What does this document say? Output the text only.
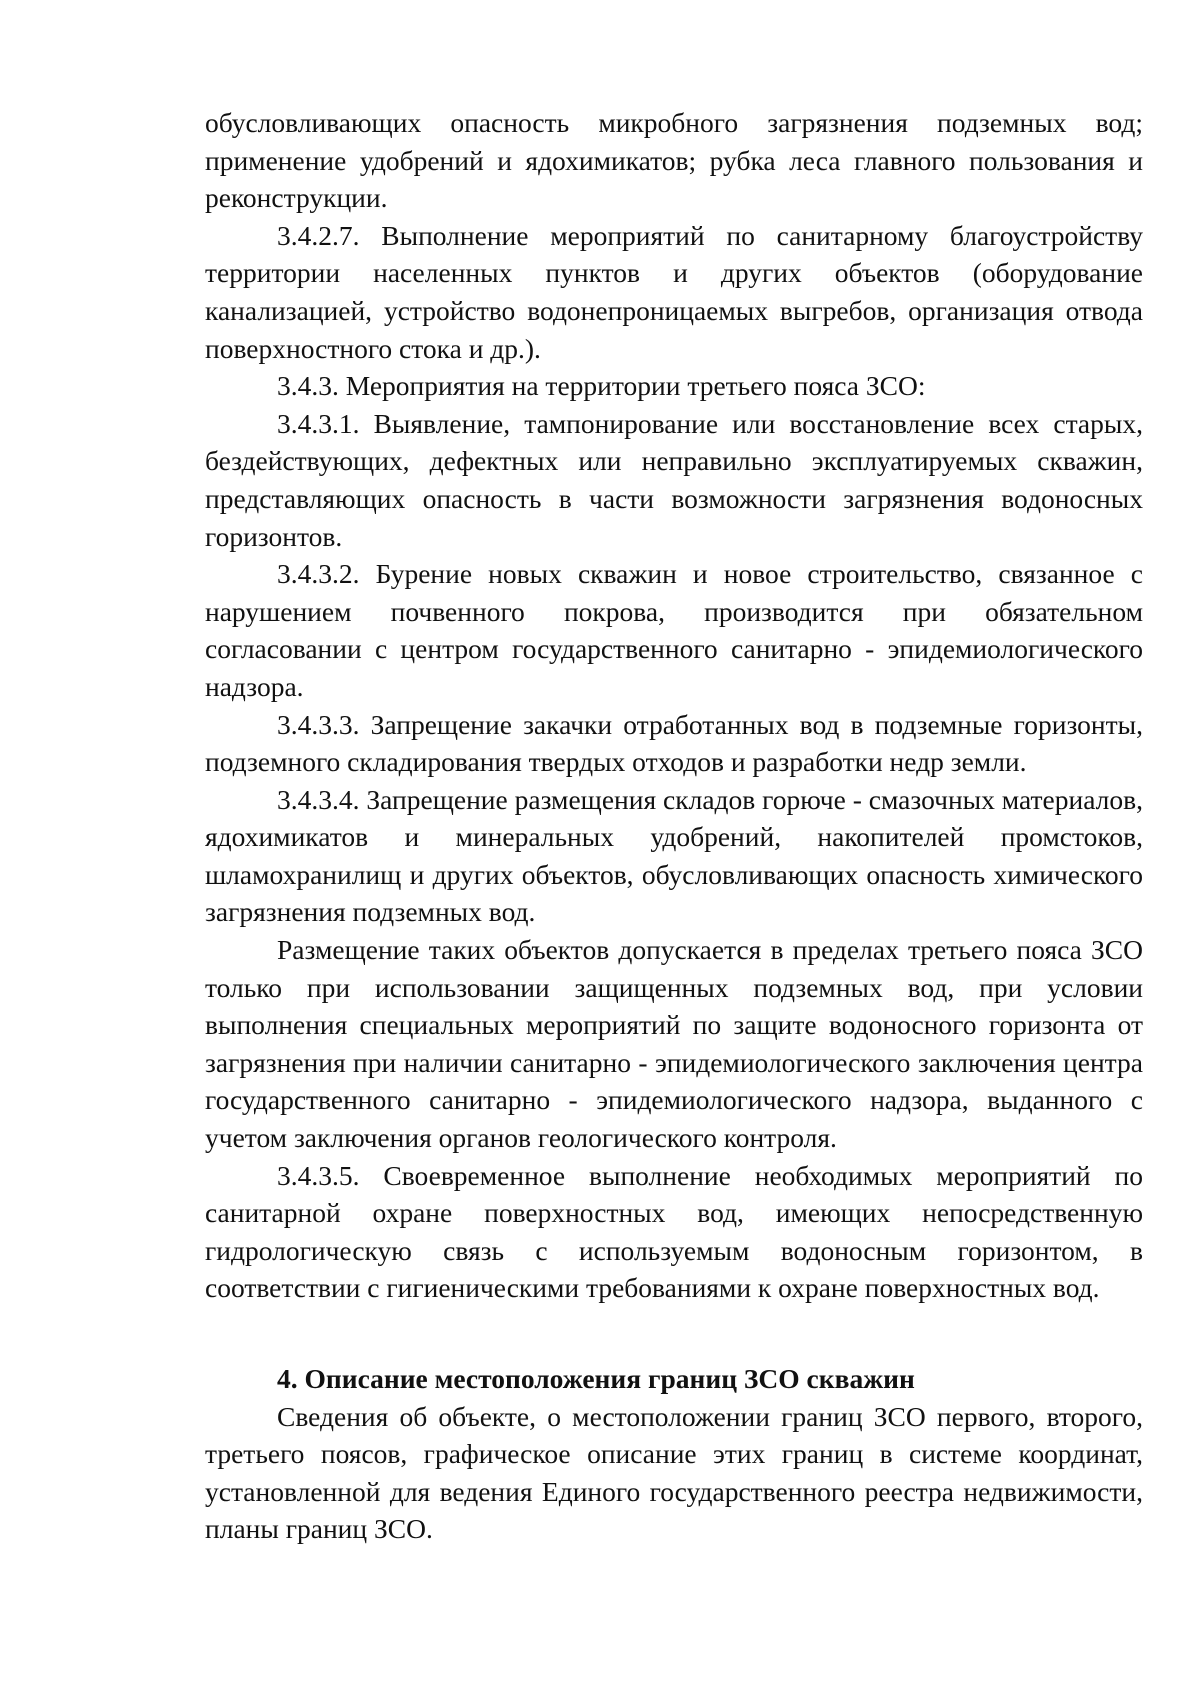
обусловливающих опасность микробного загрязнения подземных вод; применение удобрений и ядохимикатов; рубка леса главного пользования и реконструкции.

3.4.2.7. Выполнение мероприятий по санитарному благоустройству территории населенных пунктов и других объектов (оборудование канализацией, устройство водонепроницаемых выгребов, организация отвода поверхностного стока и др.).

3.4.3. Мероприятия на территории третьего пояса ЗСО:

3.4.3.1. Выявление, тампонирование или восстановление всех старых, бездействующих, дефектных или неправильно эксплуатируемых скважин, представляющих опасность в части возможности загрязнения водоносных горизонтов.

3.4.3.2. Бурение новых скважин и новое строительство, связанное с нарушением почвенного покрова, производится при обязательном согласовании с центром государственного санитарно - эпидемиологического надзора.

3.4.3.3. Запрещение закачки отработанных вод в подземные горизонты, подземного складирования твердых отходов и разработки недр земли.

3.4.3.4. Запрещение размещения складов горюче - смазочных материалов, ядохимикатов и минеральных удобрений, накопителей промстоков, шламохранилищ и других объектов, обусловливающих опасность химического загрязнения подземных вод.

Размещение таких объектов допускается в пределах третьего пояса ЗСО только при использовании защищенных подземных вод, при условии выполнения специальных мероприятий по защите водоносного горизонта от загрязнения при наличии санитарно - эпидемиологического заключения центра государственного санитарно - эпидемиологического надзора, выданного с учетом заключения органов геологического контроля.

3.4.3.5. Своевременное выполнение необходимых мероприятий по санитарной охране поверхностных вод, имеющих непосредственную гидрологическую связь с используемым водоносным горизонтом, в соответствии с гигиеническими требованиями к охране поверхностных вод.

4. Описание местоположения границ ЗСО скважин

Сведения об объекте, о местоположении границ ЗСО первого, второго, третьего поясов, графическое описание этих границ в системе координат, установленной для ведения Единого государственного реестра недвижимости, планы границ ЗСО.
